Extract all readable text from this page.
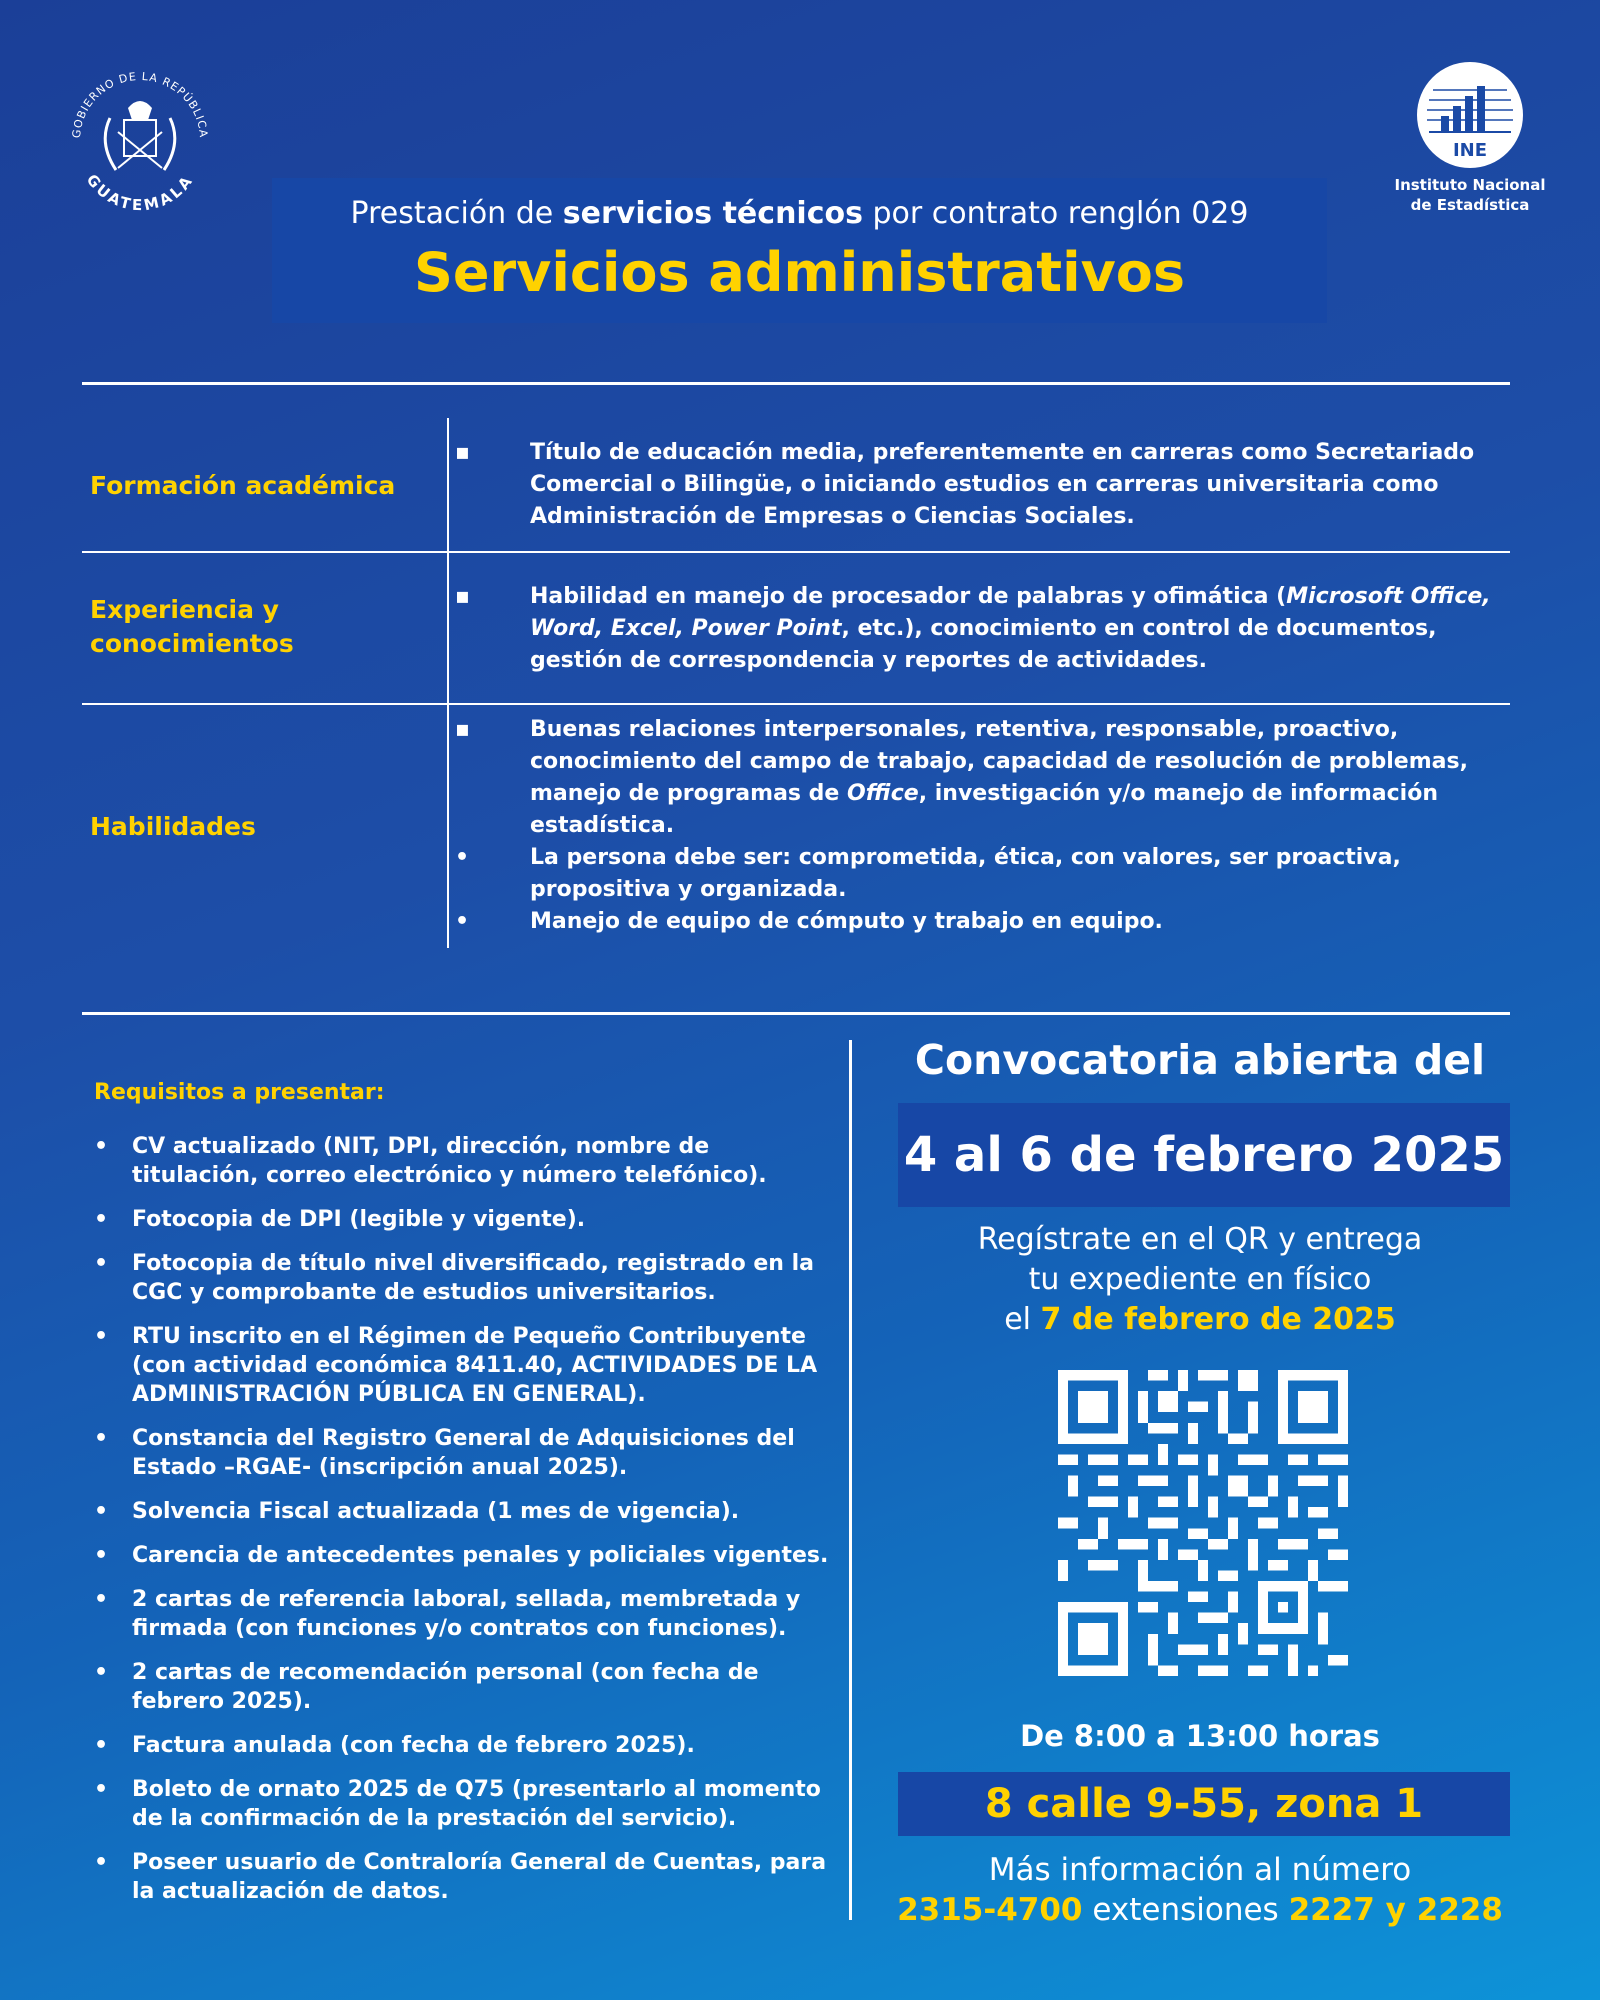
GOBIERNO DE LA REPÚBLICA
GUATEMALA
INE
Instituto Nacional
de Estadística
Prestación de servicios técnicos por contrato renglón 029
Servicios administrativos
Formación académica
▪	Título de educación media, preferentemente en carreras como Secretariado Comercial o Bilingüe, o iniciando estudios en carreras universitaria como Administración de Empresas o Ciencias Sociales.
Experiencia y
conocimientos
▪	Habilidad en manejo de procesador de palabras y ofimática (Microsoft Office, Word, Excel, Power Point, etc.), conocimiento en control de documentos, gestión de correspondencia y reportes de actividades.
Habilidades
▪	Buenas relaciones interpersonales, retentiva, responsable, proactivo, conocimiento del campo de trabajo, capacidad de resolución de problemas, manejo de programas de Office, investigación y/o manejo de información estadística.
•	La persona debe ser: comprometida, ética, con valores, ser proactiva, propositiva y organizada.
•	Manejo de equipo de cómputo y trabajo en equipo.
Requisitos a presentar:
• CV actualizado (NIT, DPI, dirección, nombre de titulación, correo electrónico y número telefónico).
• Fotocopia de DPI (legible y vigente).
• Fotocopia de título nivel diversificado, registrado en la CGC y comprobante de estudios universitarios.
• RTU inscrito en el Régimen de Pequeño Contribuyente (con actividad económica 8411.40, ACTIVIDADES DE LA ADMINISTRACIÓN PÚBLICA EN GENERAL).
• Constancia del Registro General de Adquisiciones del Estado –RGAE- (inscripción anual 2025).
• Solvencia Fiscal actualizada (1 mes de vigencia).
• Carencia de antecedentes penales y policiales vigentes.
• 2 cartas de referencia laboral, sellada, membretada y firmada (con funciones y/o contratos con funciones).
• 2 cartas de recomendación personal (con fecha de febrero 2025).
• Factura anulada (con fecha de febrero 2025).
• Boleto de ornato 2025 de Q75 (presentarlo al momento de la confirmación de la prestación del servicio).
• Poseer usuario de Contraloría General de Cuentas, para la actualización de datos.
Convocatoria abierta del
4 al 6 de febrero 2025
Regístrate en el QR y entrega
tu expediente en físico
el 7 de febrero de 2025
De 8:00 a 13:00 horas
8 calle 9-55, zona 1
Más información al número
2315-4700 extensiones 2227 y 2228
